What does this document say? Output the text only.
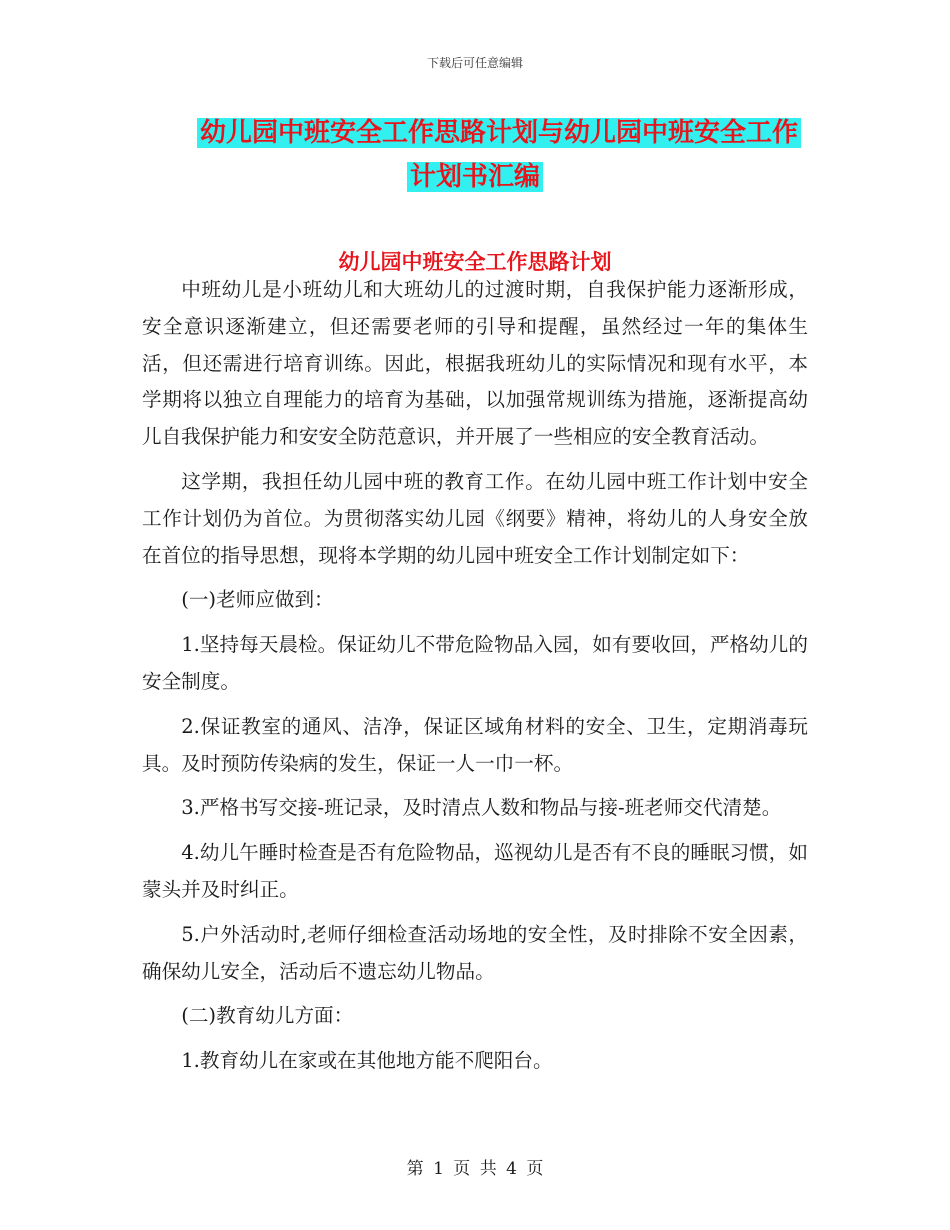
下载后可任意编辑
幼儿园中班安全工作思路计划与幼儿园中班安全工作
计划书汇编
幼儿园中班安全工作思路计划

中班幼儿是小班幼儿和大班幼儿的过渡时期，自我保护能力逐渐形成，安全意识逐渐建立，但还需要老师的引导和提醒，虽然经过一年的集体生活，但还需进行培育训练。因此，根据我班幼儿的实际情况和现有水平，本学期将以独立自理能力的培育为基础，以加强常规训练为措施，逐渐提高幼儿自我保护能力和安安全防范意识，并开展了一些相应的安全教育活动。

这学期，我担任幼儿园中班的教育工作。在幼儿园中班工作计划中安全工作计划仍为首位。为贯彻落实幼儿园《纲要》精神，将幼儿的人身安全放在首位的指导思想，现将本学期的幼儿园中班安全工作计划制定如下：

(一)老师应做到：

1.坚持每天晨检。保证幼儿不带危险物品入园，如有要收回，严格幼儿的安全制度。

2.保证教室的通风、洁净，保证区域角材料的安全、卫生，定期消毒玩具。及时预防传染病的发生，保证一人一巾一杯。

3.严格书写交接-班记录，及时清点人数和物品与接-班老师交代清楚。

4.幼儿午睡时检查是否有危险物品，巡视幼儿是否有不良的睡眠习惯，如蒙头并及时纠正。

5.户外活动时,老师仔细检查活动场地的安全性，及时排除不安全因素，确保幼儿安全，活动后不遗忘幼儿物品。

(二)教育幼儿方面：

1.教育幼儿在家或在其他地方能不爬阳台。

第 1 页 共 4 页
